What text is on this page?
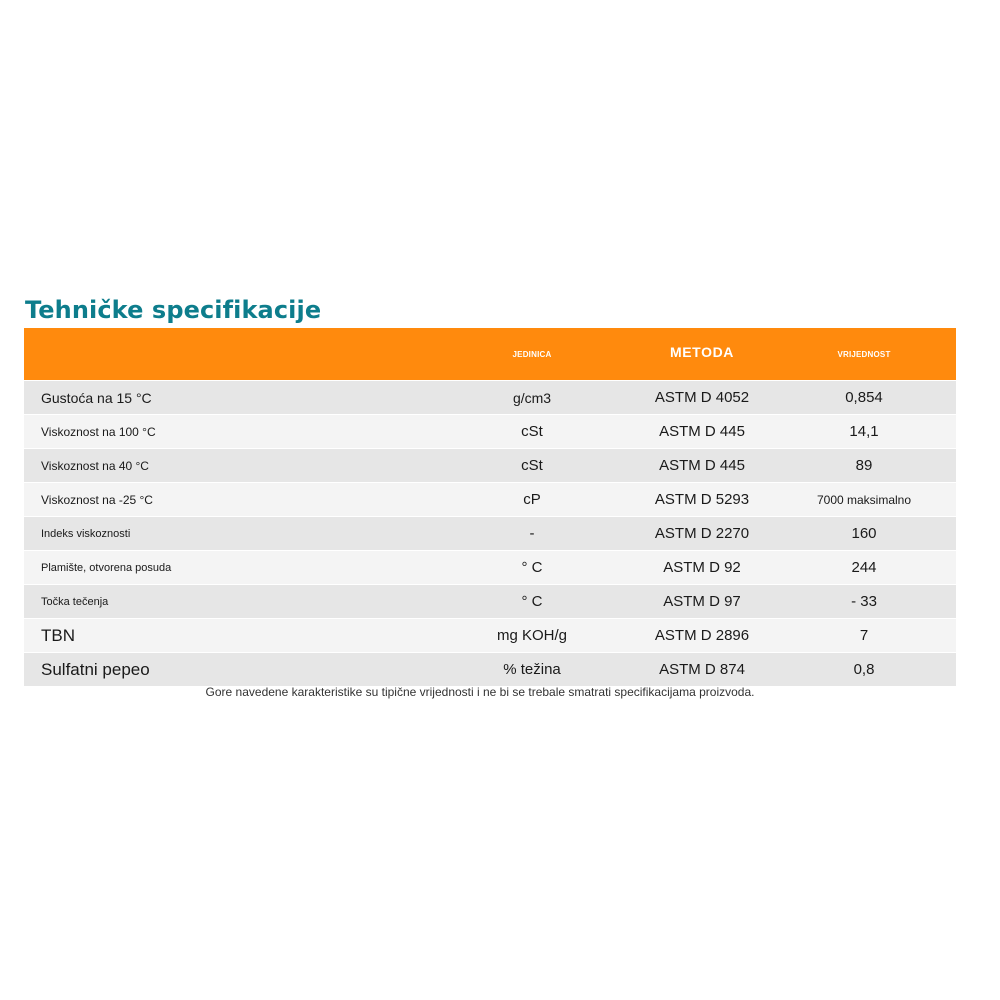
Tehničke specifikacije
	JEDINICA	METODA	VRIJEDNOST
Gustoća na 15 °C	g/cm3	ASTM D 4052	0,854
Viskoznost na 100 °C	cSt	ASTM D 445	14,1
Viskoznost na 40 °C	cSt	ASTM D 445	89
Viskoznost na -25 °C	cP	ASTM D 5293	7000 maksimalno
Indeks viskoznosti	-	ASTM D 2270	160
Plamište, otvorena posuda	° C	ASTM D 92	244
Točka tečenja	° C	ASTM D 97	- 33
TBN	mg KOH/g	ASTM D 2896	7
Sulfatni pepeo	% težina	ASTM D 874	0,8
Gore navedene karakteristike su tipične vrijednosti i ne bi se trebale smatrati specifikacijama proizvoda.
